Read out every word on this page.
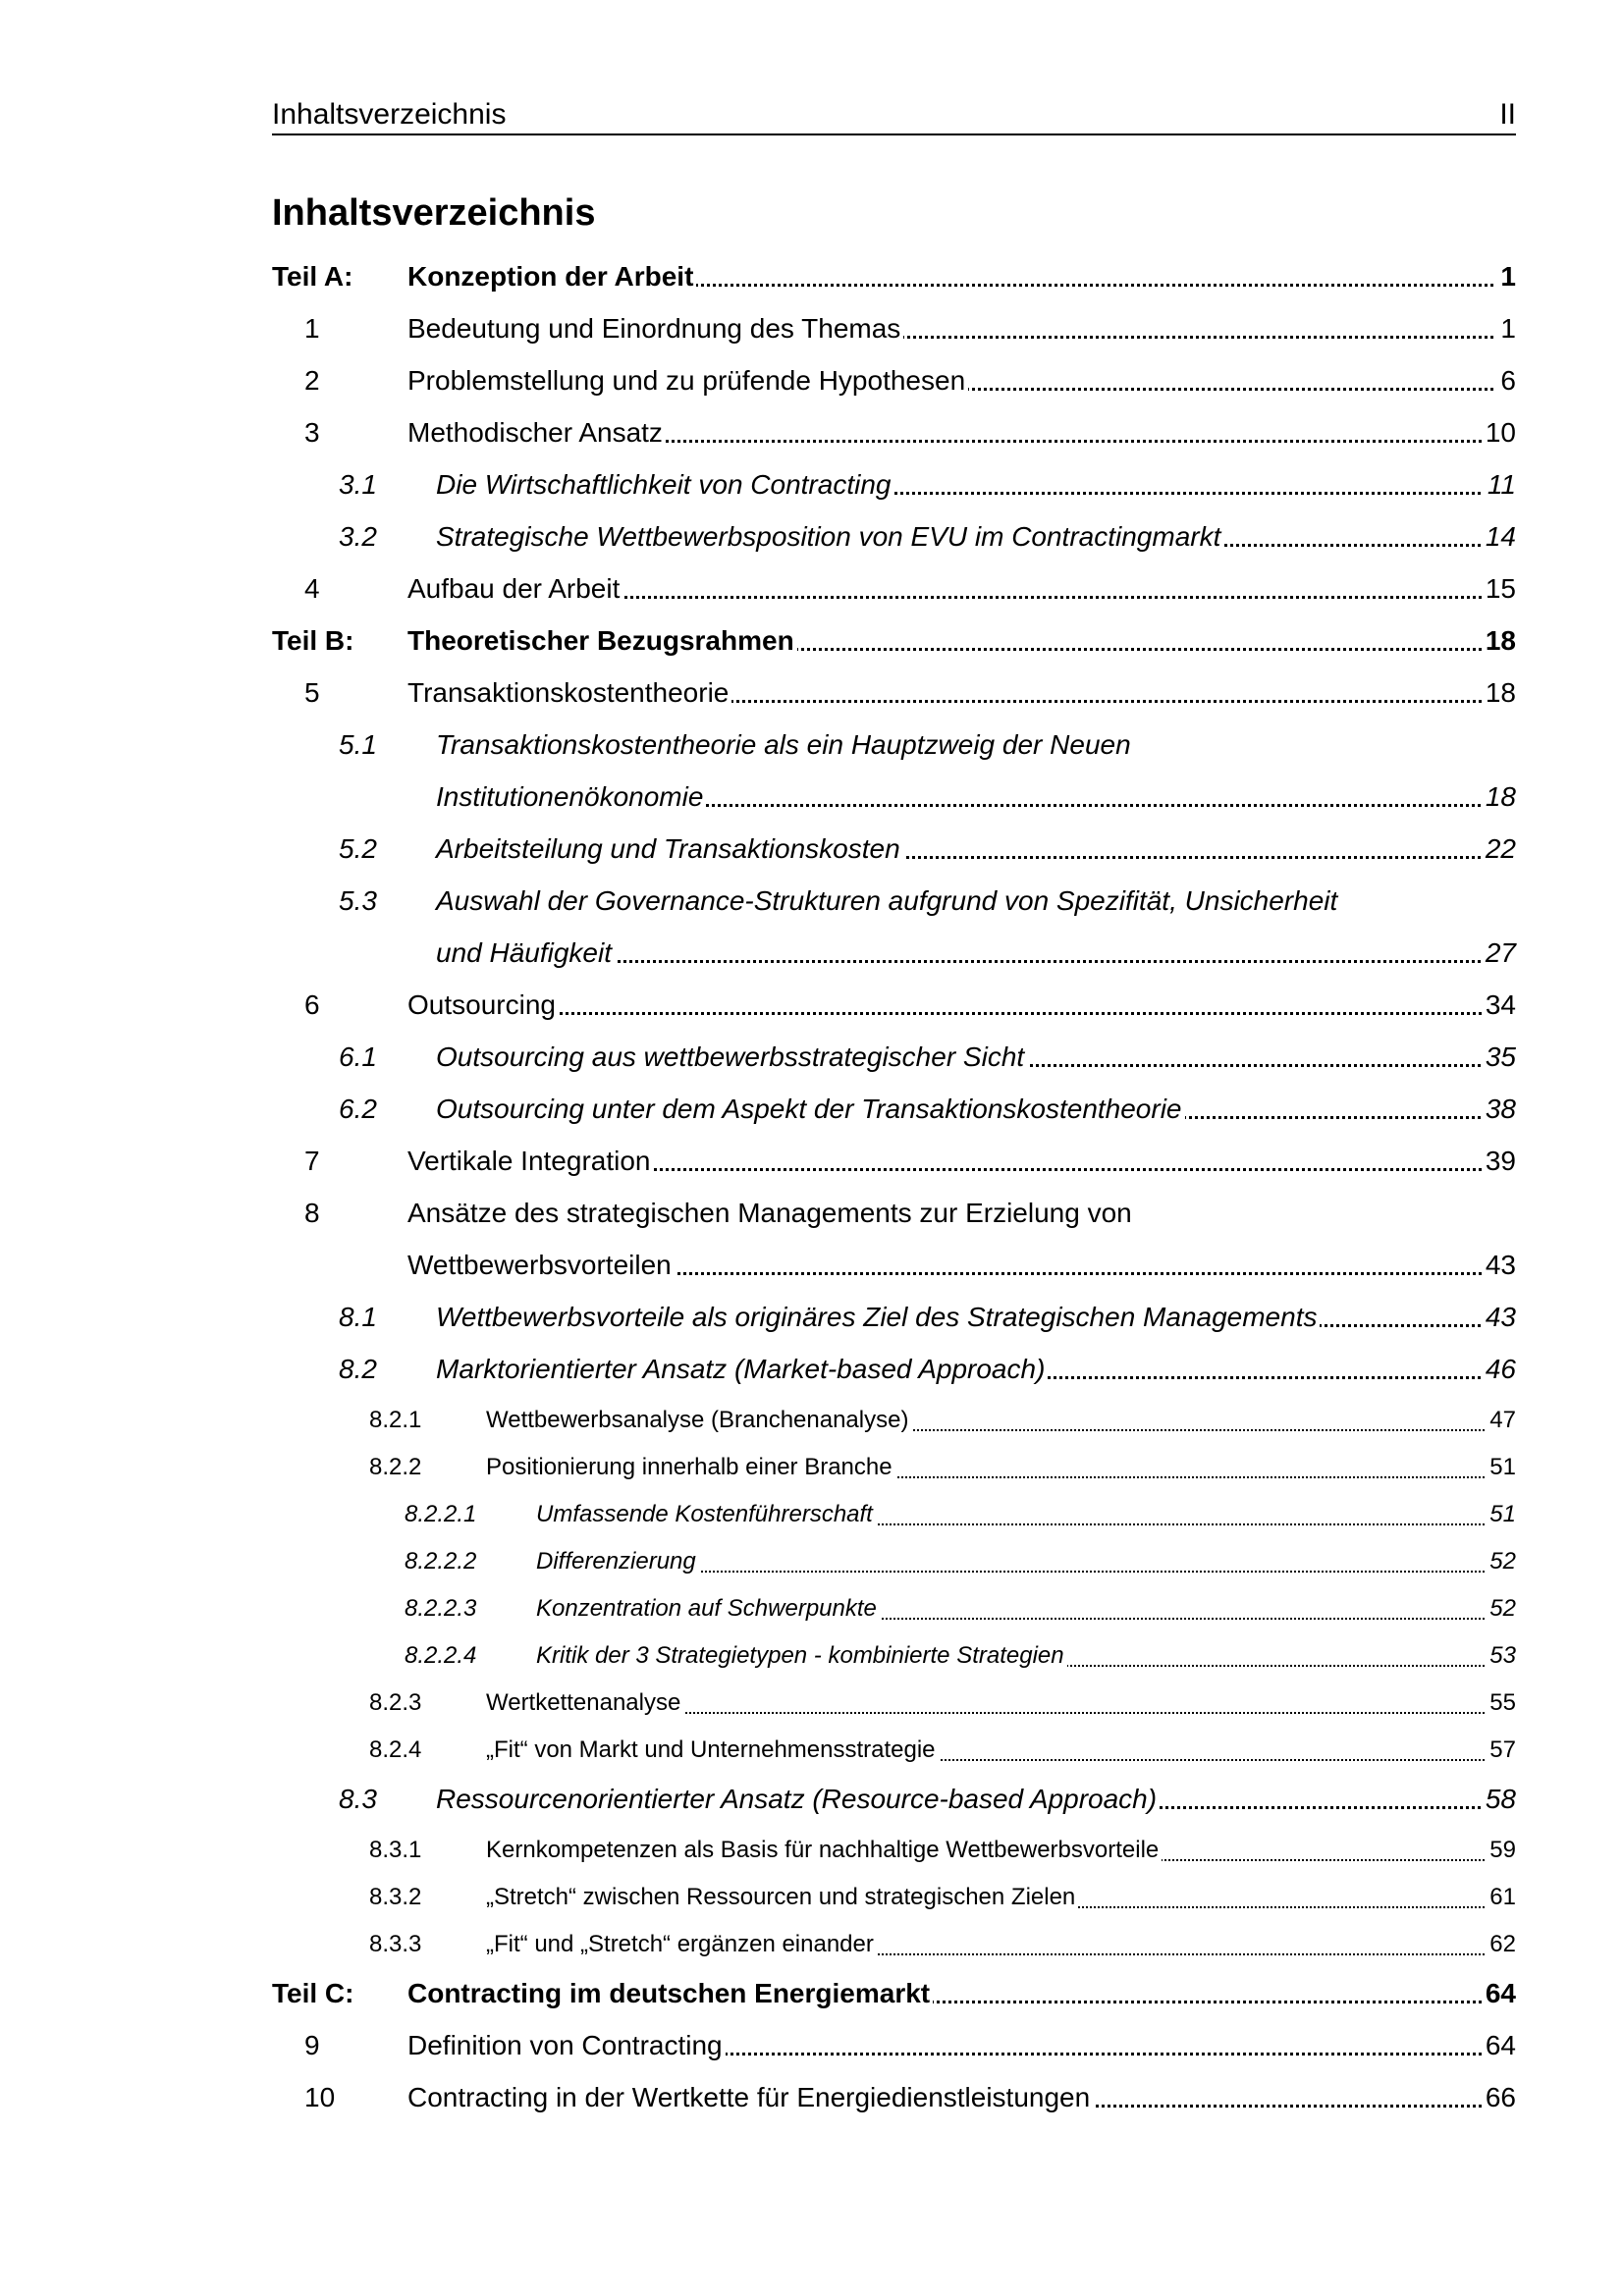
Inhaltsverzeichnis	II
Inhaltsverzeichnis
Teil A: Konzeption der Arbeit	1
1	Bedeutung und Einordnung des Themas	1
2	Problemstellung und zu prüfende Hypothesen	6
3	Methodischer Ansatz	10
3.1 Die Wirtschaftlichkeit von Contracting	11
3.2 Strategische Wettbewerbsposition von EVU im Contractingmarkt	14
4	Aufbau der Arbeit	15
Teil B: Theoretischer Bezugsrahmen	18
5	Transaktionskostentheorie	18
5.1 Transaktionskostentheorie als ein Hauptzweig der Neuen
Institutionenökonomie	18
5.2 Arbeitsteilung und Transaktionskosten	22
5.3 Auswahl der Governance-Strukturen aufgrund von Spezifität, Unsicherheit
und Häufigkeit	27
6	Outsourcing	34
6.1 Outsourcing aus wettbewerbsstrategischer Sicht	35
6.2 Outsourcing unter dem Aspekt der Transaktionskostentheorie	38
7	Vertikale Integration	39
8	Ansätze des strategischen Managements zur Erzielung von
Wettbewerbsvorteilen	43
8.1 Wettbewerbsvorteile als originäres Ziel des Strategischen Managements	43
8.2 Marktorientierter Ansatz (Market-based Approach)	46
8.2.1	Wettbewerbsanalyse (Branchenanalyse)	47
8.2.2	Positionierung innerhalb einer Branche	51
8.2.2.1	Umfassende Kostenführerschaft	51
8.2.2.2	Differenzierung	52
8.2.2.3	Konzentration auf Schwerpunkte	52
8.2.2.4	Kritik der 3 Strategietypen - kombinierte Strategien	53
8.2.3	Wertkettenanalyse	55
8.2.4	„Fit“ von Markt und Unternehmensstrategie	57
8.3 Ressourcenorientierter Ansatz (Resource-based Approach)	58
8.3.1	Kernkompetenzen als Basis für nachhaltige Wettbewerbsvorteile	59
8.3.2	„Stretch“ zwischen Ressourcen und strategischen Zielen	61
8.3.3	„Fit“ und „Stretch“ ergänzen einander	62
Teil C: Contracting im deutschen Energiemarkt	64
9	Definition von Contracting	64
10	Contracting in der Wertkette für Energiedienstleistungen	66
